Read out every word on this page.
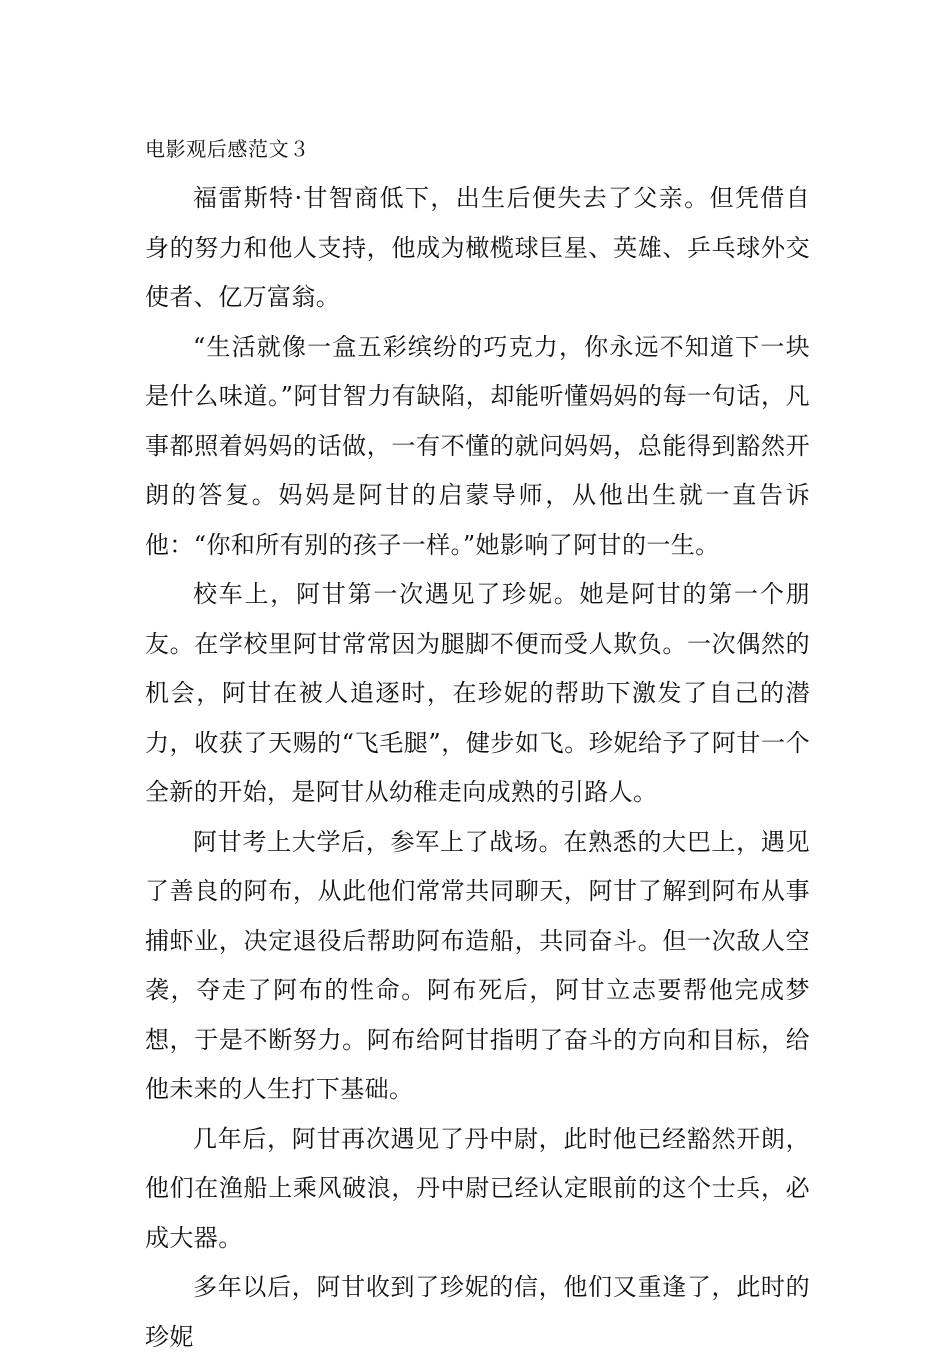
电影观后感范文３

福雷斯特·甘智商低下，出生后便失去了父亲。但凭借自身的努力和他人支持，他成为橄榄球巨星、英雄、乒乓球外交使者、亿万富翁。

“生活就像一盒五彩缤纷的巧克力，你永远不知道下一块是什么味道。”阿甘智力有缺陷，却能听懂妈妈的每一句话，凡事都照着妈妈的话做，一有不懂的就问妈妈，总能得到豁然开朗的答复。妈妈是阿甘的启蒙导师，从他出生就一直告诉他：“你和所有别的孩子一样。”她影响了阿甘的一生。

校车上，阿甘第一次遇见了珍妮。她是阿甘的第一个朋友。在学校里阿甘常常因为腿脚不便而受人欺负。一次偶然的机会，阿甘在被人追逐时，在珍妮的帮助下激发了自己的潜力，收获了天赐的“飞毛腿”，健步如飞。珍妮给予了阿甘一个全新的开始，是阿甘从幼稚走向成熟的引路人。

阿甘考上大学后，参军上了战场。在熟悉的大巴上，遇见了善良的阿布，从此他们常常共同聊天，阿甘了解到阿布从事捕虾业，决定退役后帮助阿布造船，共同奋斗。但一次敌人空袭，夺走了阿布的性命。阿布死后，阿甘立志要帮他完成梦想，于是不断努力。阿布给阿甘指明了奋斗的方向和目标，给他未来的人生打下基础。

几年后，阿甘再次遇见了丹中尉，此时他已经豁然开朗，他们在渔船上乘风破浪，丹中尉已经认定眼前的这个士兵，必成大器。

多年以后，阿甘收到了珍妮的信，他们又重逢了，此时的珍妮
